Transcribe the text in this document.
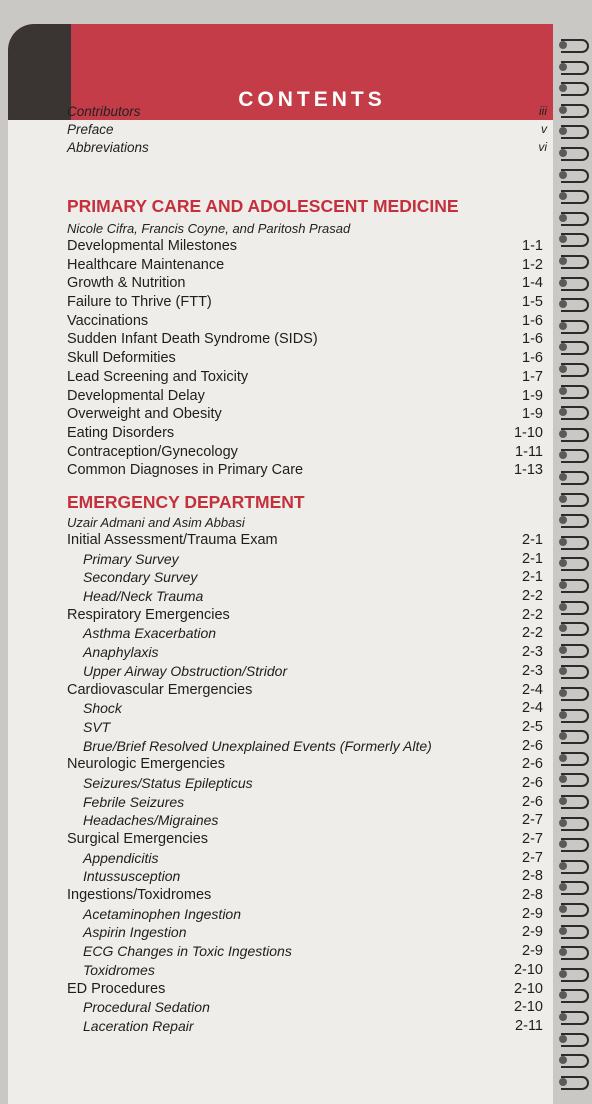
CONTENTS
Contributors	iii
Preface	v
Abbreviations	vi
PRIMARY CARE AND ADOLESCENT MEDICINE
Nicole Cifra, Francis Coyne, and Paritosh Prasad
Developmental Milestones	1-1
Healthcare Maintenance	1-2
Growth & Nutrition	1-4
Failure to Thrive (FTT)	1-5
Vaccinations	1-6
Sudden Infant Death Syndrome (SIDS)	1-6
Skull Deformities	1-6
Lead Screening and Toxicity	1-7
Developmental Delay	1-9
Overweight and Obesity	1-9
Eating Disorders	1-10
Contraception/Gynecology	1-11
Common Diagnoses in Primary Care	1-13
EMERGENCY DEPARTMENT
Uzair Admani and Asim Abbasi
Initial Assessment/Trauma Exam	2-1
Primary Survey	2-1
Secondary Survey	2-1
Head/Neck Trauma	2-2
Respiratory Emergencies	2-2
Asthma Exacerbation	2-2
Anaphylaxis	2-3
Upper Airway Obstruction/Stridor	2-3
Cardiovascular Emergencies	2-4
Shock	2-4
SVT	2-5
Brue/Brief Resolved Unexplained Events (Formerly Alte)	2-6
Neurologic Emergencies	2-6
Seizures/Status Epilepticus	2-6
Febrile Seizures	2-6
Headaches/Migraines	2-7
Surgical Emergencies	2-7
Appendicitis	2-7
Intussusception	2-8
Ingestions/Toxidromes	2-8
Acetaminophen Ingestion	2-9
Aspirin Ingestion	2-9
ECG Changes in Toxic Ingestions	2-9
Toxidromes	2-10
ED Procedures	2-10
Procedural Sedation	2-10
Laceration Repair	2-11
